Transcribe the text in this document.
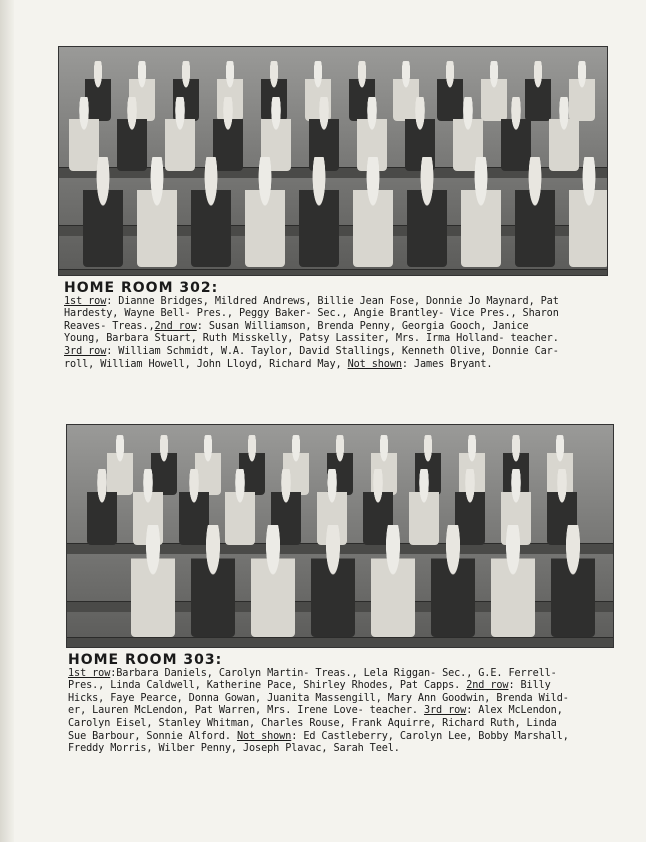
HOME ROOM 302:
1st row: Dianne Bridges, Mildred Andrews, Billie Jean Fose, Donnie Jo Maynard, Pat
Hardesty, Wayne Bell- Pres., Peggy Baker- Sec., Angie Brantley- Vice Pres., Sharon
Reaves- Treas.,2nd row: Susan Williamson, Brenda Penny, Georgia Gooch, Janice
Young, Barbara Stuart, Ruth Misskelly, Patsy Lassiter, Mrs. Irma Holland- teacher.
3rd row: William Schmidt, W.A. Taylor, David Stallings, Kenneth Olive, Donnie Car-
roll, William Howell, John Lloyd, Richard May, Not shown: James Bryant.
HOME ROOM 303:
1st row:Barbara Daniels, Carolyn Martin- Treas., Lela Riggan- Sec., G.E. Ferrell-
Pres., Linda Caldwell, Katherine Pace, Shirley Rhodes, Pat Capps. 2nd row: Billy
Hicks, Faye Pearce, Donna Gowan, Juanita Massengill, Mary Ann Goodwin, Brenda Wild-
er, Lauren McLendon, Pat Warren, Mrs. Irene Love- teacher. 3rd row: Alex McLendon,
Carolyn Eisel, Stanley Whitman, Charles Rouse, Frank Aquirre, Richard Ruth, Linda
Sue Barbour, Sonnie Alford. Not shown: Ed Castleberry, Carolyn Lee, Bobby Marshall,
Freddy Morris, Wilber Penny, Joseph Plavac, Sarah Teel.
